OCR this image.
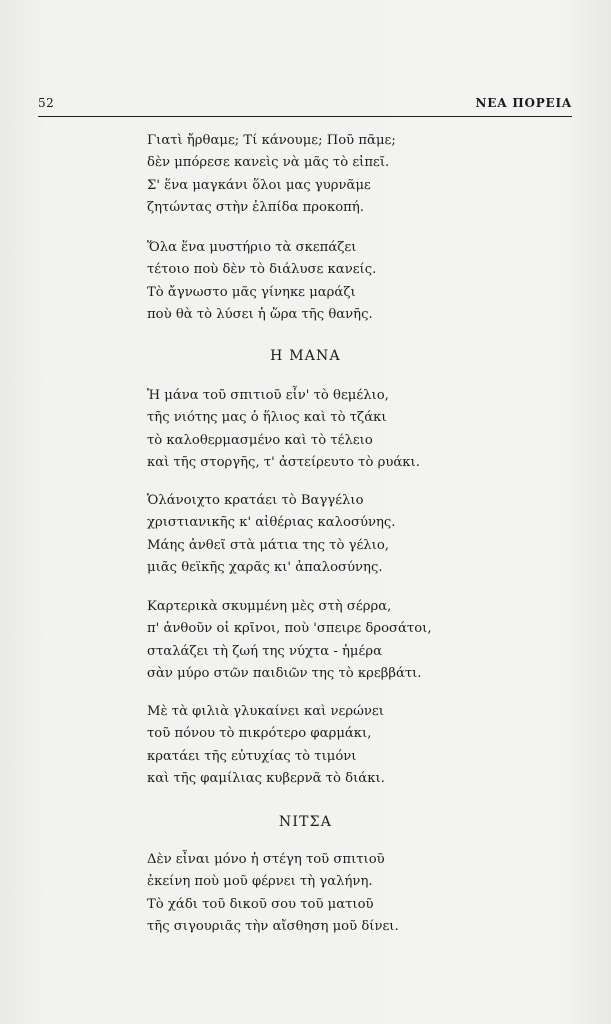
52	ΝΕΑ ΠΟΡΕΙΑ
Γιατὶ ἤρθαμε; Τί κάνουμε; Ποῦ πᾶμε;
δὲν μπόρεσε κανεὶς νὰ μᾶς τὸ εἰπεῖ.
Σ' ἕνα μαγκάνι ὅλοι μας γυρνᾶμε
ζητώντας στὴν ἐλπίδα προκοπή.
Ὅλα ἕνα μυστήριο τὰ σκεπάζει
τέτοιο ποὺ δὲν τὸ διάλυσε κανείς.
Τὸ ἄγνωστο μᾶς γίνηκε μαράζι
ποὺ θὰ τὸ λύσει ἡ ὥρα τῆς θανῆς.
Η ΜΑΝΑ
Ἡ μάνα τοῦ σπιτιοῦ εἶν' τὸ θεμέλιο,
τῆς νιότης μας ὁ ἥλιος καὶ τὸ τζάκι
τὸ καλοθερμασμένο καὶ τὸ τέλειο
καὶ τῆς στοργῆς, τ' ἀστείρευτο τὸ ρυάκι.
Ὁλάνοιχτο κρατάει τὸ Βαγγέλιο
χριστιανικῆς κ' αἰθέριας καλοσύνης.
Μάης ἀνθεῖ στὰ μάτια της τὸ γέλιο,
μιᾶς θεϊκῆς χαρᾶς κι' ἀπαλοσύνης.
Καρτερικὰ σκυμμένη μὲς στὴ σέρρα,
π' ἀνθοῦν οἱ κρῖνοι, ποὺ 'σπειρε δροσάτοι,
σταλάζει τὴ ζωή της νύχτα - ἡμέρα
σὰν μύρο στῶν παιδιῶν της τὸ κρεββάτι.
Μὲ τὰ φιλιὰ γλυκαίνει καὶ νερώνει
τοῦ πόνου τὸ πικρότερο φαρμάκι,
κρατάει τῆς εὐτυχίας τὸ τιμόνι
καὶ τῆς φαμίλιας κυβερνᾶ τὸ διάκι.
ΝΙΤΣΑ
Δὲν εἶναι μόνο ἡ στέγη τοῦ σπιτιοῦ
ἐκείνη ποὺ μοῦ φέρνει τὴ γαλήνη.
Τὸ χάδι τοῦ δικοῦ σου τοῦ ματιοῦ
τῆς σιγουριᾶς τὴν αἴσθηση μοῦ δίνει.
